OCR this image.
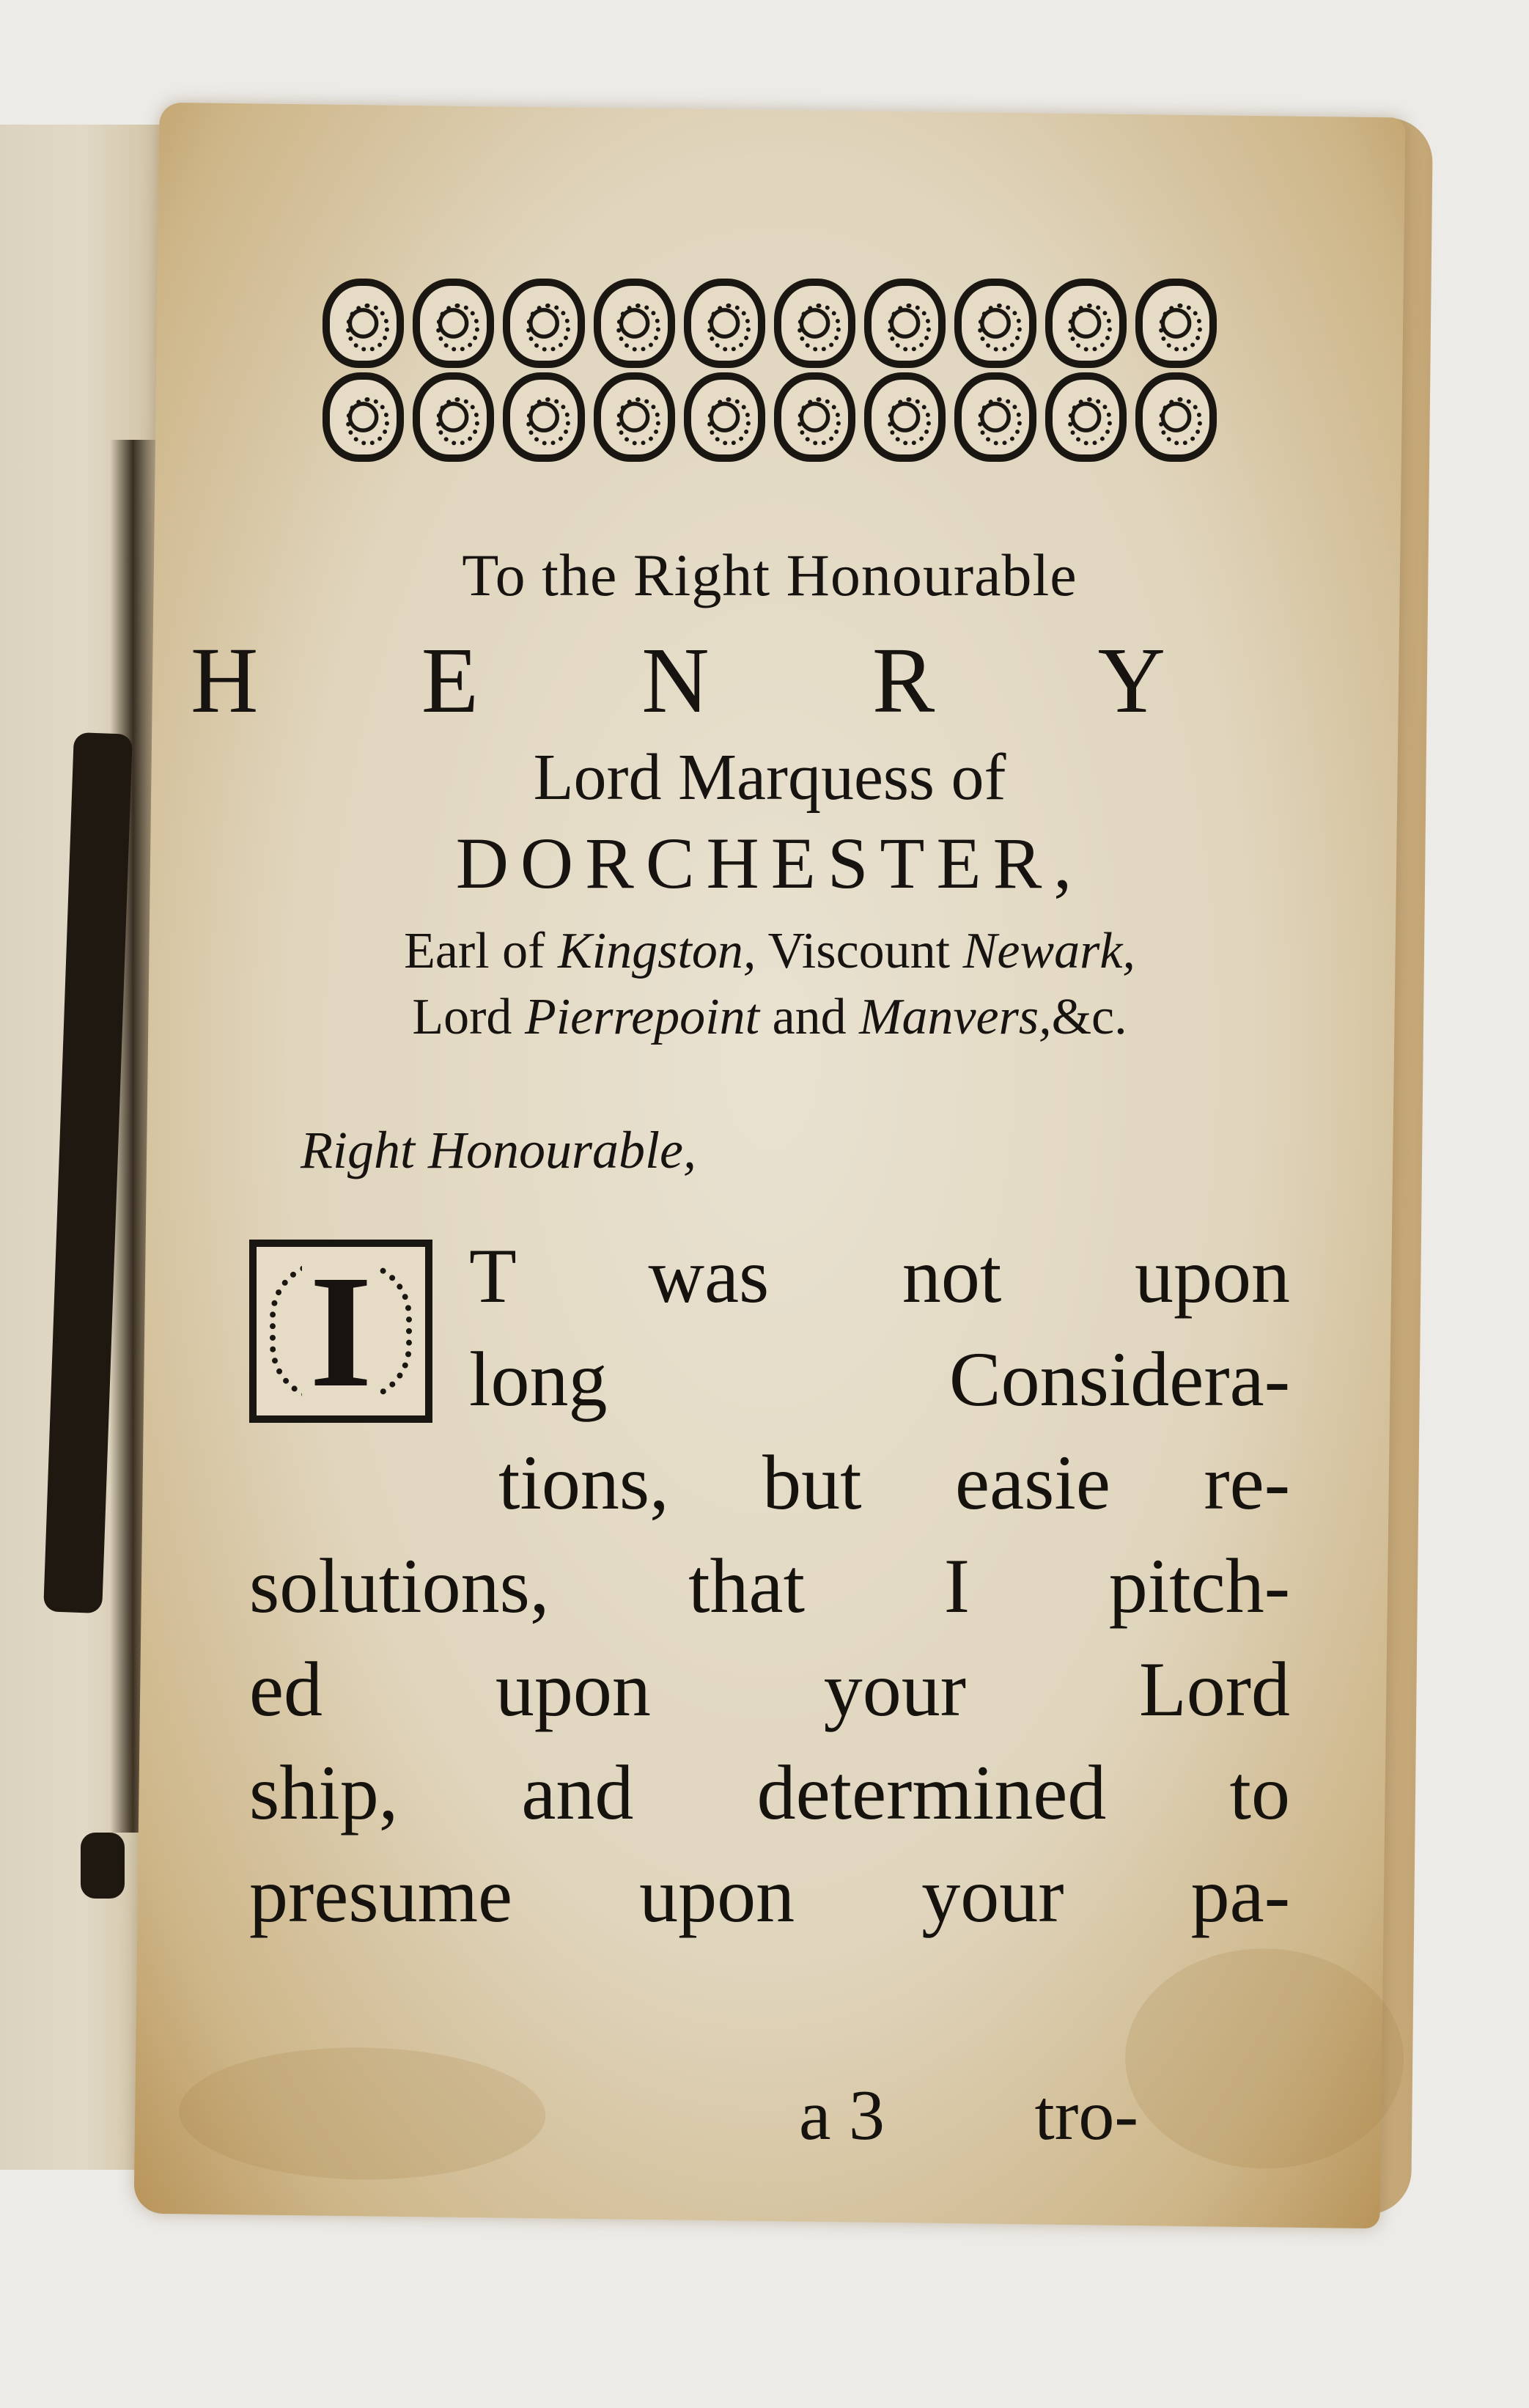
To the Right Honourable
H E N R Y
Lord Marquess of
DORCHESTER,
Earl of Kingston, Viscount Newark,
Lord Pierrepoint and Manvers,&c.
Right Honourable,
I	T was not upon
long Considera-
tions, but easie re-
solutions, that I pitch-
ed upon your Lord
ship, and determined to
presume upon your pa-
a 3 tro-
